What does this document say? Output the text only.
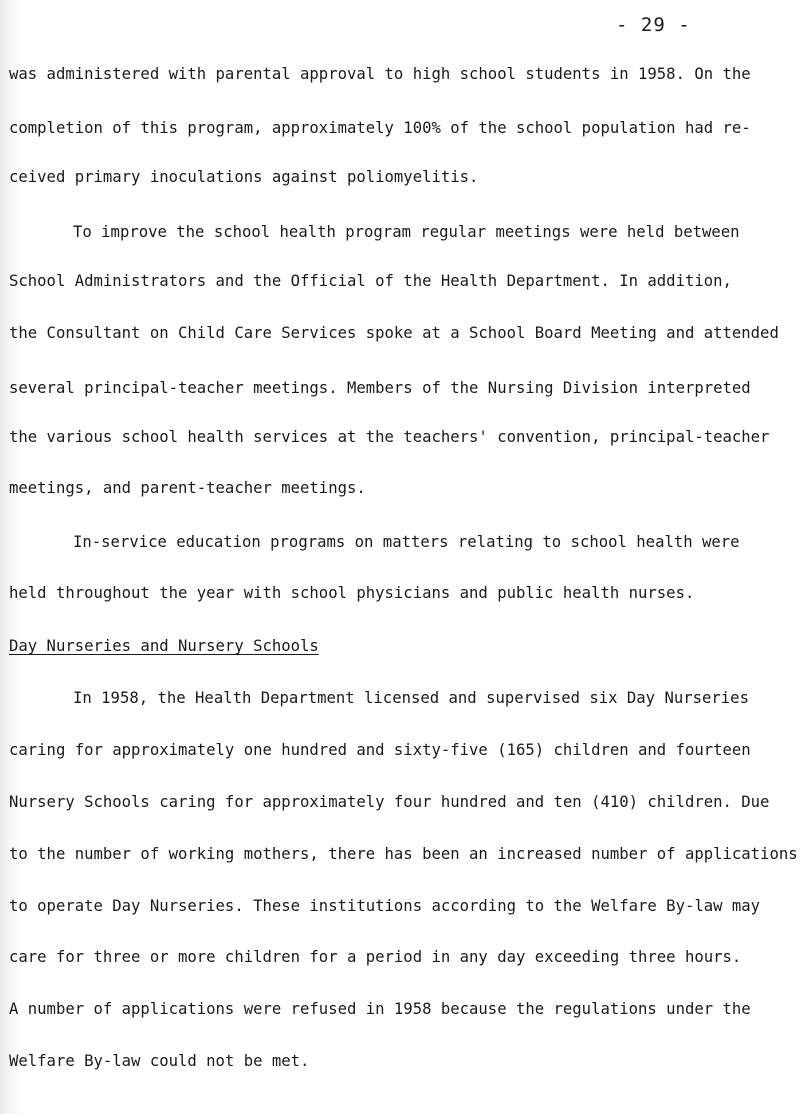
- 29 -
was administered with parental approval to high school students in 1958. On the
completion of this program, approximately 100% of the school population had re-
ceived primary inoculations against poliomyelitis.
To improve the school health program regular meetings were held between
School Administrators and the Official of the Health Department. In addition,
the Consultant on Child Care Services spoke at a School Board Meeting and attended
several principal-teacher meetings. Members of the Nursing Division interpreted
the various school health services at the teachers' convention, principal-teacher
meetings, and parent-teacher meetings.
In-service education programs on matters relating to school health were
held throughout the year with school physicians and public health nurses.
Day Nurseries and Nursery Schools
In 1958, the Health Department licensed and supervised six Day Nurseries
caring for approximately one hundred and sixty-five (165) children and fourteen
Nursery Schools caring for approximately four hundred and ten (410) children. Due
to the number of working mothers, there has been an increased number of applications
to operate Day Nurseries. These institutions according to the Welfare By-law may
care for three or more children for a period in any day exceeding three hours.
A number of applications were refused in 1958 because the regulations under the
Welfare By-law could not be met.
